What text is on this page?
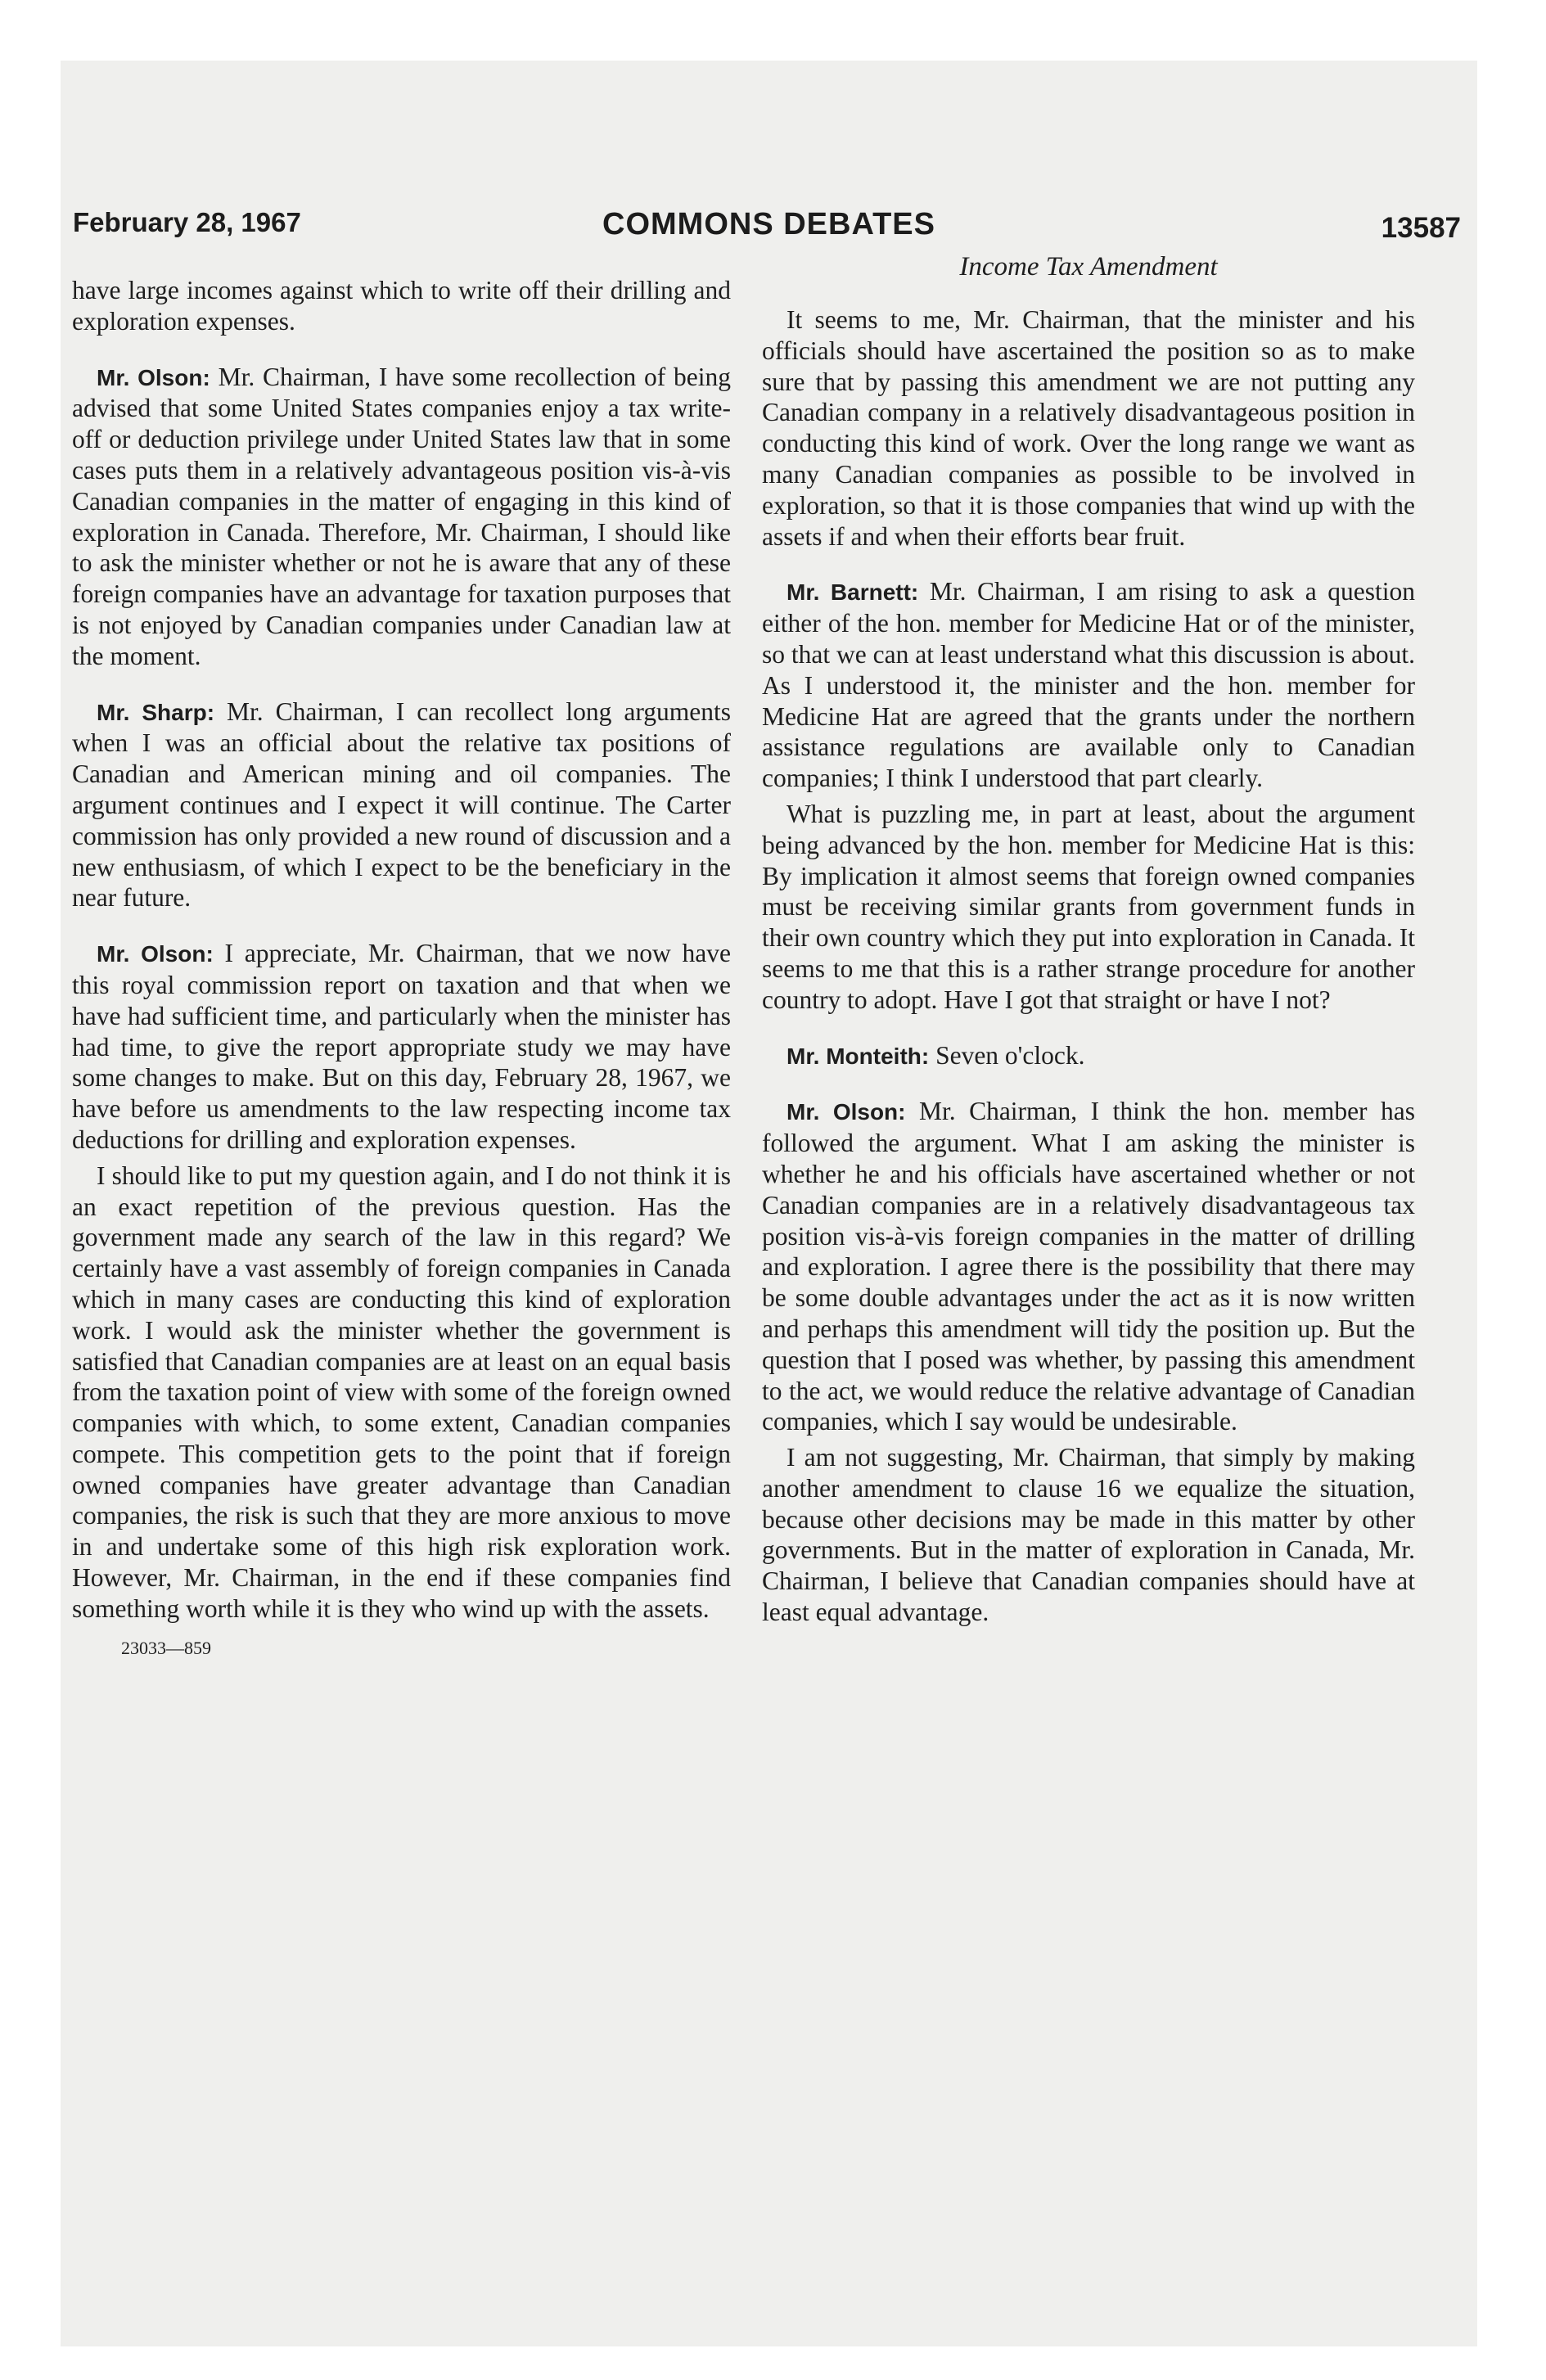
February 28, 1967	COMMONS DEBATES	13587

have large incomes against which to write off their drilling and exploration expenses.

Mr. Olson: Mr. Chairman, I have some recollection of being advised that some United States companies enjoy a tax write-off or deduction privilege under United States law that in some cases puts them in a relatively advantageous position vis-à-vis Canadian companies in the matter of engaging in this kind of exploration in Canada. Therefore, Mr. Chairman, I should like to ask the minister whether or not he is aware that any of these foreign companies have an advantage for taxation purposes that is not enjoyed by Canadian companies under Canadian law at the moment.

Mr. Sharp: Mr. Chairman, I can recollect long arguments when I was an official about the relative tax positions of Canadian and American mining and oil companies. The argument continues and I expect it will continue. The Carter commission has only provided a new round of discussion and a new enthusiasm, of which I expect to be the beneficiary in the near future.

Mr. Olson: I appreciate, Mr. Chairman, that we now have this royal commission report on taxation and that when we have had sufficient time, and particularly when the minister has had time, to give the report appropriate study we may have some changes to make. But on this day, February 28, 1967, we have before us amendments to the law respecting income tax deductions for drilling and exploration expenses.

I should like to put my question again, and I do not think it is an exact repetition of the previous question. Has the government made any search of the law in this regard? We certainly have a vast assembly of foreign companies in Canada which in many cases are conducting this kind of exploration work. I would ask the minister whether the government is satisfied that Canadian companies are at least on an equal basis from the taxation point of view with some of the foreign owned companies with which, to some extent, Canadian companies compete. This competition gets to the point that if foreign owned companies have greater advantage than Canadian companies, the risk is such that they are more anxious to move in and undertake some of this high risk exploration work. However, Mr. Chairman, in the end if these companies find something worth while it is they who wind up with the assets.

23033—859

Income Tax Amendment

It seems to me, Mr. Chairman, that the minister and his officials should have ascertained the position so as to make sure that by passing this amendment we are not putting any Canadian company in a relatively disadvantageous position in conducting this kind of work. Over the long range we want as many Canadian companies as possible to be involved in exploration, so that it is those companies that wind up with the assets if and when their efforts bear fruit.

Mr. Barnett: Mr. Chairman, I am rising to ask a question either of the hon. member for Medicine Hat or of the minister, so that we can at least understand what this discussion is about. As I understood it, the minister and the hon. member for Medicine Hat are agreed that the grants under the northern assistance regulations are available only to Canadian companies; I think I understood that part clearly.

What is puzzling me, in part at least, about the argument being advanced by the hon. member for Medicine Hat is this: By implication it almost seems that foreign owned companies must be receiving similar grants from government funds in their own country which they put into exploration in Canada. It seems to me that this is a rather strange procedure for another country to adopt. Have I got that straight or have I not?

Mr. Monteith: Seven o'clock.

Mr. Olson: Mr. Chairman, I think the hon. member has followed the argument. What I am asking the minister is whether he and his officials have ascertained whether or not Canadian companies are in a relatively disadvantageous tax position vis-à-vis foreign companies in the matter of drilling and exploration. I agree there is the possibility that there may be some double advantages under the act as it is now written and perhaps this amendment will tidy the position up. But the question that I posed was whether, by passing this amendment to the act, we would reduce the relative advantage of Canadian companies, which I say would be undesirable.

I am not suggesting, Mr. Chairman, that simply by making another amendment to clause 16 we equalize the situation, because other decisions may be made in this matter by other governments. But in the matter of exploration in Canada, Mr. Chairman, I believe that Canadian companies should have at least equal advantage.
